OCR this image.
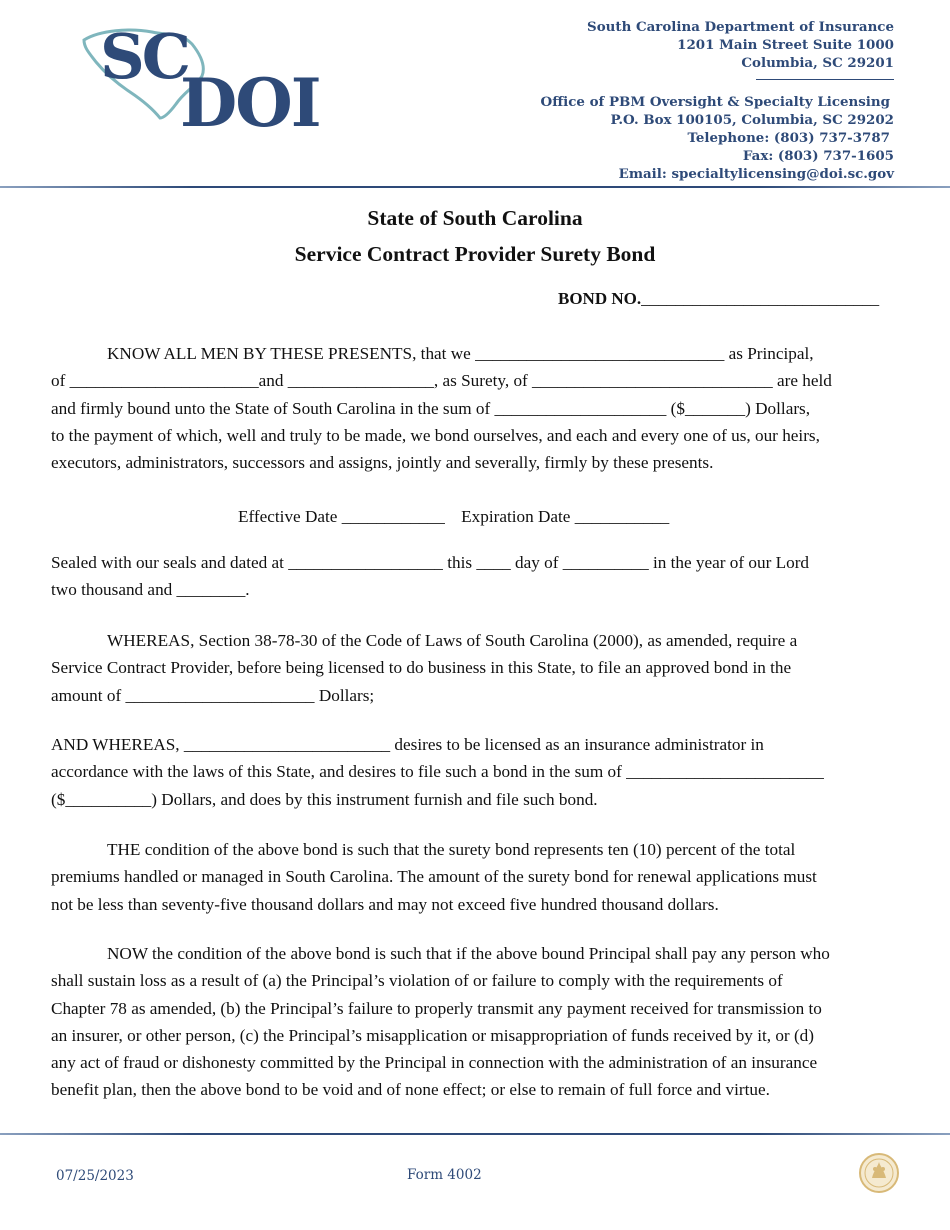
SC
DOI
South Carolina Department of Insurance
1201 Main Street Suite 1000
Columbia, SC 29201
Office of PBM Oversight & Specialty Licensing
P.O. Box 100105, Columbia, SC 29202
Telephone: (803) 737-3787
Fax: (803) 737-1605
Email: specialtylicensing@doi.sc.gov
State of South Carolina
Service Contract Provider Surety Bond
BOND NO.____________________________

KNOW ALL MEN BY THESE PRESENTS, that we _____________________________ as Principal,

of ______________________and _________________, as Surety, of ____________________________ are held

and firmly bound unto the State of South Carolina in the sum of ____________________ ($_______) Dollars,

to the payment of which, well and truly to be made, we bond ourselves, and each and every one of us, our heirs,

executors, administrators, successors and assigns, jointly and severally, firmly by these presents.

Effective Date ____________ Expiration Date ___________

Sealed with our seals and dated at __________________ this ____ day of __________ in the year of our Lord

two thousand and ________.

WHEREAS, Section 38-78-30 of the Code of Laws of South Carolina (2000), as amended, require a

Service Contract Provider, before being licensed to do business in this State, to file an approved bond in the

amount of ______________________ Dollars;

AND WHEREAS, ________________________ desires to be licensed as an insurance administrator in

accordance with the laws of this State, and desires to file such a bond in the sum of _______________________

($__________) Dollars, and does by this instrument furnish and file such bond.

THE condition of the above bond is such that the surety bond represents ten (10) percent of the total

premiums handled or managed in South Carolina. The amount of the surety bond for renewal applications must

not be less than seventy-five thousand dollars and may not exceed five hundred thousand dollars.

NOW the condition of the above bond is such that if the above bound Principal shall pay any person who

shall sustain loss as a result of (a) the Principal’s violation of or failure to comply with the requirements of

Chapter 78 as amended, (b) the Principal’s failure to properly transmit any payment received for transmission to

an insurer, or other person, (c) the Principal’s misapplication or misappropriation of funds received by it, or (d)

any act of fraud or dishonesty committed by the Principal in connection with the administration of an insurance

benefit plan, then the above bond to be void and of none effect; or else to remain of full force and virtue.

07/25/2023	Form 4002
